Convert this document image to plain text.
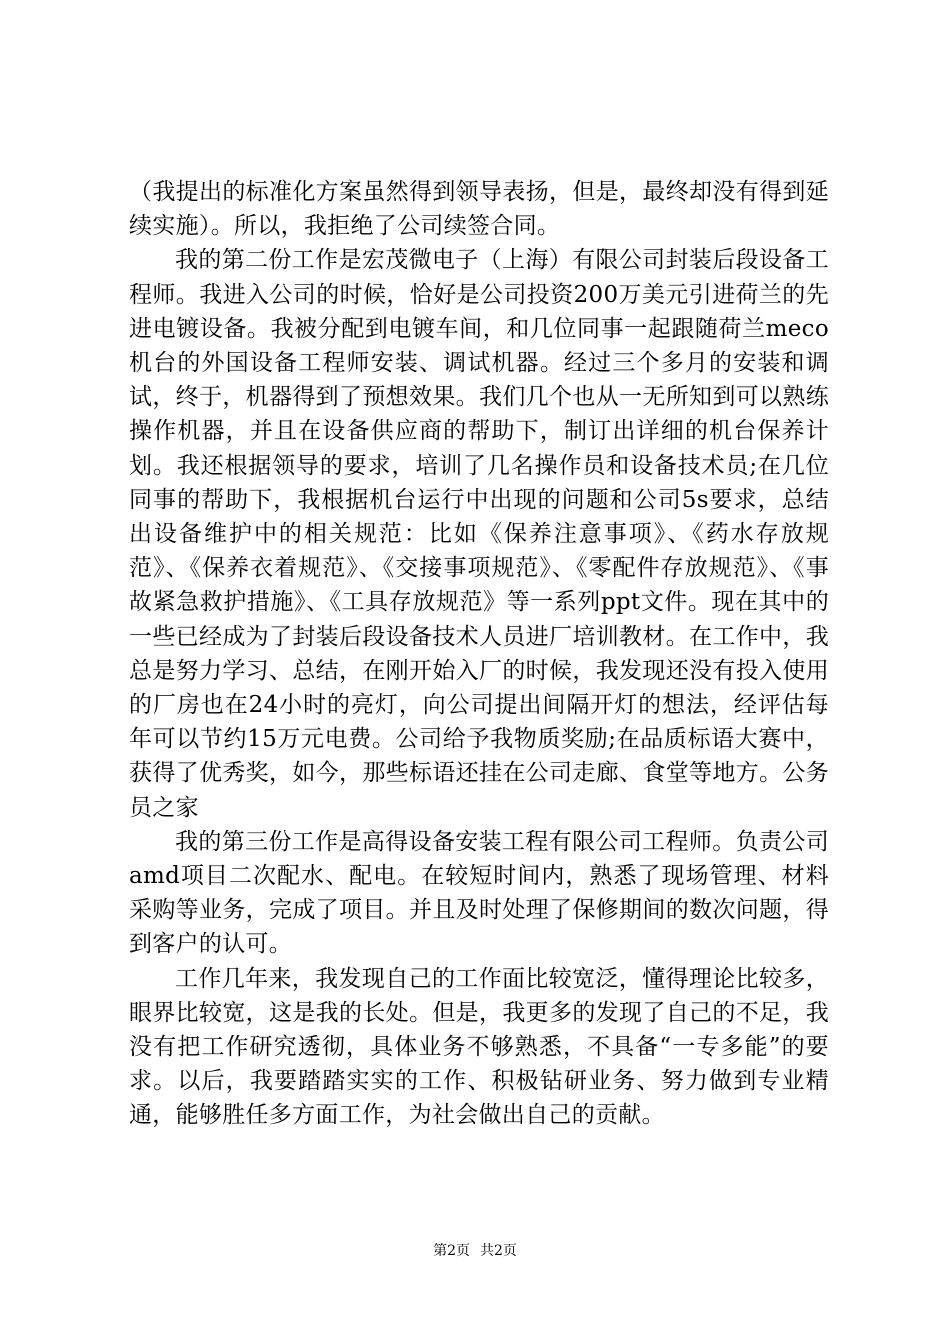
（我提出的标准化方案虽然得到领导表扬，但是，最终却没有得到延续实施）。所以，我拒绝了公司续签合同。

我的第二份工作是宏茂微电子（上海）有限公司封装后段设备工程师。我进入公司的时候，恰好是公司投资200万美元引进荷兰的先进电镀设备。我被分配到电镀车间，和几位同事一起跟随荷兰meco机台的外国设备工程师安装、调试机器。经过三个多月的安装和调试，终于，机器得到了预想效果。我们几个也从一无所知到可以熟练操作机器，并且在设备供应商的帮助下，制订出详细的机台保养计划。我还根据领导的要求，培训了几名操作员和设备技术员;在几位同事的帮助下，我根据机台运行中出现的问题和公司5s要求，总结出设备维护中的相关规范：比如《保养注意事项》、《药水存放规范》、《保养衣着规范》、《交接事项规范》、《零配件存放规范》、《事故紧急救护措施》、《工具存放规范》等一系列ppt文件。现在其中的一些已经成为了封装后段设备技术人员进厂培训教材。在工作中，我总是努力学习、总结，在刚开始入厂的时候，我发现还没有投入使用的厂房也在24小时的亮灯，向公司提出间隔开灯的想法，经评估每年可以节约15万元电费。公司给予我物质奖励;在品质标语大赛中，获得了优秀奖，如今，那些标语还挂在公司走廊、食堂等地方。公务员之家

我的第三份工作是高得设备安装工程有限公司工程师。负责公司amd项目二次配水、配电。在较短时间内，熟悉了现场管理、材料采购等业务，完成了项目。并且及时处理了保修期间的数次问题，得到客户的认可。

工作几年来，我发现自己的工作面比较宽泛，懂得理论比较多，眼界比较宽，这是我的长处。但是，我更多的发现了自己的不足，我没有把工作研究透彻，具体业务不够熟悉，不具备“一专多能”的要求。以后，我要踏踏实实的工作、积极钻研业务、努力做到专业精通，能够胜任多方面工作，为社会做出自己的贡献。

第2页 共2页
